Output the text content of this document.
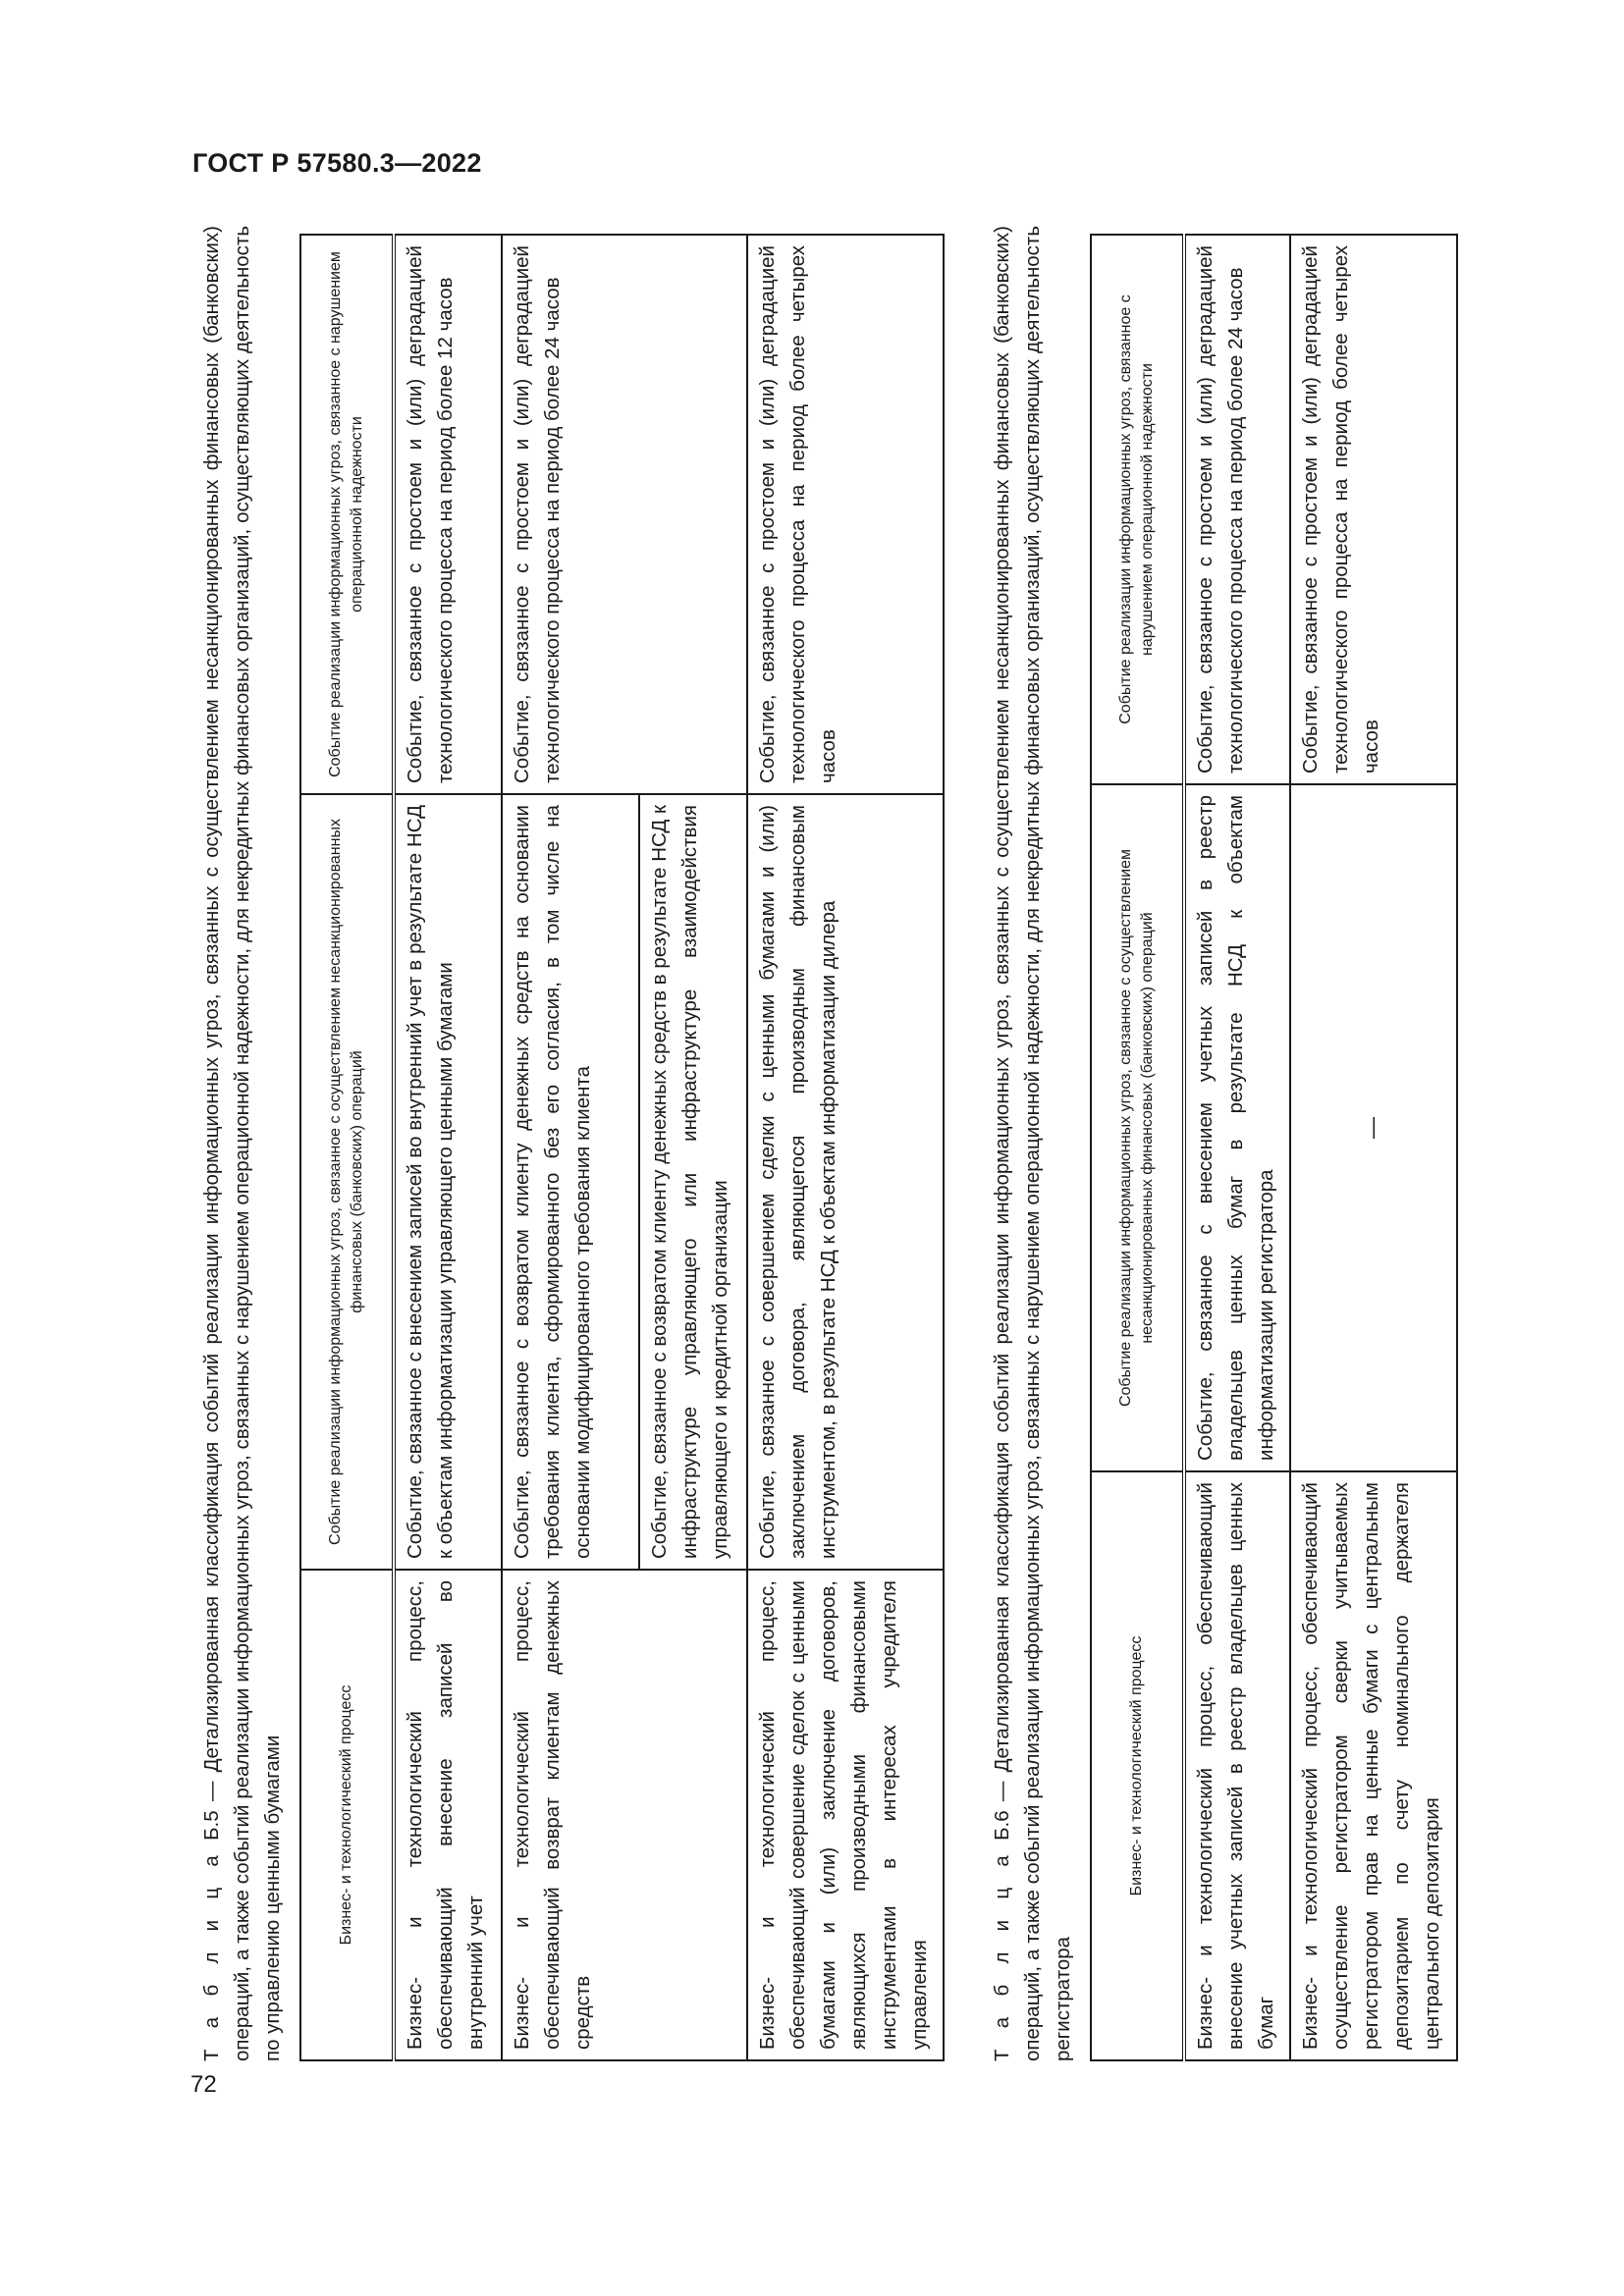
ГОСТ Р 57580.3—2022
72

Т а б л и ц а Б.5 — Детализированная классификация событий реализации информационных угроз, связанных с осуществлением несанкционированных финансовых (банковских) операций, а также событий реализации информационных угроз, связанных с нарушением операционной надежности, для некредитных финансовых организаций, осуществляющих деятельность по управлению ценными бумагами	Бизнес- и технологический процесс	Событие реализации информационных угроз, связанное с осуществлением несанкционированных финансовых (банковских) операций	Событие реализации информационных угроз, связанное с нарушением операционной надежности
Бизнес- и технологический процесс, обеспечивающий внесение записей во внутренний учет	Событие, связанное с внесением записей во внутренний учет в результате НСД к объектам информатизации управляющего ценными бумагами	Событие, связанное с простоем и (или) деградацией технологического процесса на период более 12 часов
Бизнес- и технологический процесс, обеспечивающий возврат клиентам денежных средств	Событие, связанное с возвратом клиенту денежных средств на основании требования клиента, сформированного без его согласия, в том числе на основании модифицированного требования клиента	Событие, связанное с простоем и (или) деградацией технологического процесса на период более 24 часов
	Событие, связанное с возвратом клиенту денежных средств в результате НСД к инфраструктуре управляющего или инфраструктуре взаимодействия управляющего и кредитной организации	
Бизнес- и технологический процесс, обеспечивающий совершение сделок с ценными бумагами и (или) заключение договоров, являющихся производными финансовыми инструментами в интересах учредителя управления	Событие, связанное с совершением сделки с ценными бумагами и (или) заключением договора, являющегося производным финансовым инструментом, в результате НСД к объектам информатизации дилера	Событие, связанное с простоем и (или) деградацией технологического процесса на период более четырех часов

Т а б л и ц а Б.6 — Детализированная классификация событий реализации информационных угроз, связанных с осуществлением несанкционированных финансовых (банковских) операций, а также событий реализации информационных угроз, связанных с нарушением операционной надежности, для некредитных финансовых организаций, осуществляющих деятельность регистратора

Бизнес- и технологический процесс	Событие реализации информационных угроз, связанное с осуществлением несанкционированных финансовых (банковских) операций	Событие реализации информационных угроз, связанное с нарушением операционной надежности
Бизнес- и технологический процесс, обеспечивающий внесение учетных записей в реестр владельцев ценных бумаг	Событие, связанное с внесением учетных записей в реестр владельцев ценных бумаг в результате НСД к объектам информатизации регистратора	Событие, связанное с простоем и (или) деградацией технологического процесса на период более 24 часов
Бизнес- и технологический процесс, обеспечивающий осуществление регистратором сверки учитываемых регистратором прав на ценные бумаги с центральным депозитарием по счету номинального держателя центрального депозитария	—	Событие, связанное с простоем и (или) деградацией технологического процесса на период более четырех часов
